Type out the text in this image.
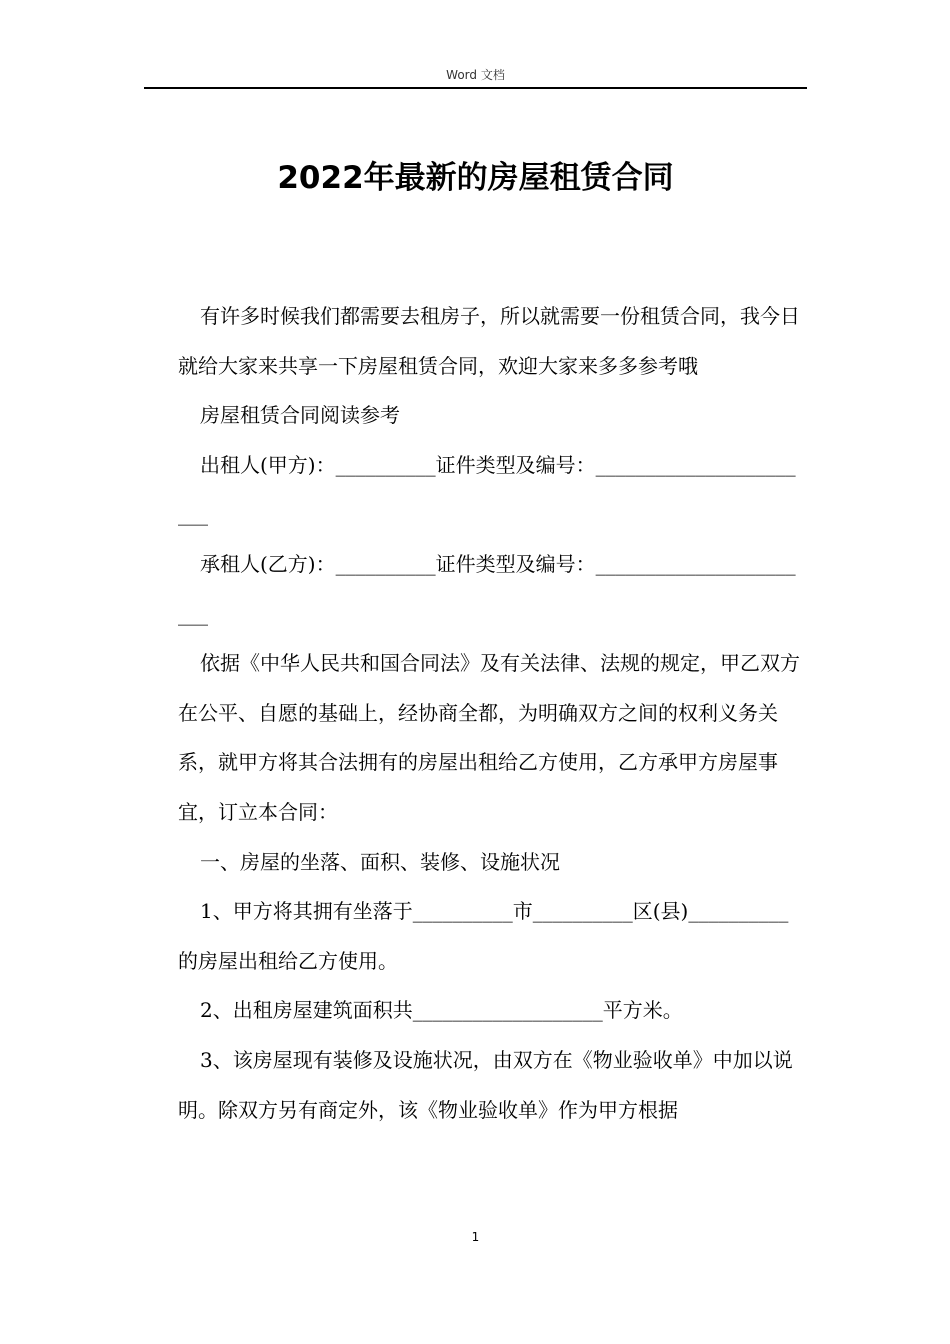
Word 文档
2022年最新的房屋租赁合同

有许多时候我们都需要去租房子，所以就需要一份租赁合同，我今日就给大家来共享一下房屋租赁合同，欢迎大家来多多参考哦

房屋租赁合同阅读参考

出租人(甲方)：__________证件类型及编号：_______________________

承租人(乙方)：__________证件类型及编号：_______________________

依据《中华人民共和国合同法》及有关法律、法规的规定，甲乙双方在公平、自愿的基础上，经协商全都，为明确双方之间的权利义务关系，就甲方将其合法拥有的房屋出租给乙方使用，乙方承甲方房屋事宜，订立本合同：

一、房屋的坐落、面积、装修、设施状况

1、甲方将其拥有坐落于__________市__________区(县)__________的房屋出租给乙方使用。

2、出租房屋建筑面积共___________________平方米。

3、该房屋现有装修及设施状况，由双方在《物业验收单》中加以说明。除双方另有商定外，该《物业验收单》作为甲方根据

1
